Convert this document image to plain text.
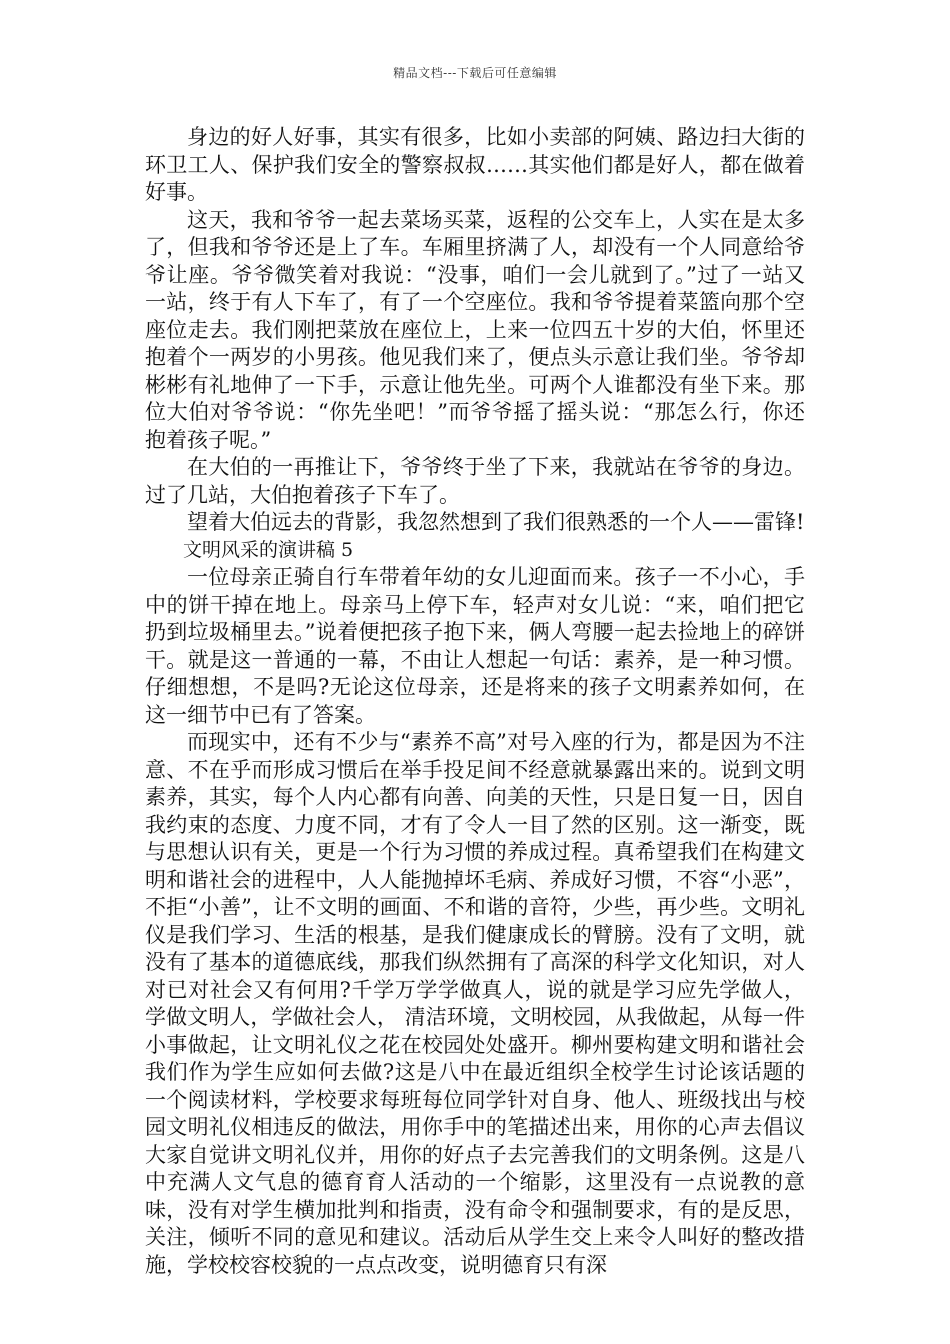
精品文档---下载后可任意编辑

身边的好人好事，其实有很多，比如小卖部的阿姨、路边扫大街的环卫工人、保护我们安全的警察叔叔……其实他们都是好人，都在做着好事。

这天，我和爷爷一起去菜场买菜，返程的公交车上，人实在是太多了，但我和爷爷还是上了车。车厢里挤满了人，却没有一个人同意给爷爷让座。爷爷微笑着对我说：“没事，咱们一会儿就到了。”过了一站又一站，终于有人下车了，有了一个空座位。我和爷爷提着菜篮向那个空座位走去。我们刚把菜放在座位上，上来一位四五十岁的大伯，怀里还抱着个一两岁的小男孩。他见我们来了，便点头示意让我们坐。爷爷却彬彬有礼地伸了一下手，示意让他先坐。可两个人谁都没有坐下来。那位大伯对爷爷说：“你先坐吧！”而爷爷摇了摇头说：“那怎么行，你还抱着孩子呢。”

在大伯的一再推让下，爷爷终于坐了下来，我就站在爷爷的身边。过了几站，大伯抱着孩子下车了。

望着大伯远去的背影，我忽然想到了我们很熟悉的一个人——雷锋!

文明风采的演讲稿 5

一位母亲正骑自行车带着年幼的女儿迎面而来。孩子一不小心，手中的饼干掉在地上。母亲马上停下车，轻声对女儿说：“来，咱们把它扔到垃圾桶里去。”说着便把孩子抱下来，俩人弯腰一起去捡地上的碎饼干。就是这一普通的一幕，不由让人想起一句话：素养，是一种习惯。仔细想想，不是吗?无论这位母亲，还是将来的孩子文明素养如何，在这一细节中已有了答案。

而现实中，还有不少与“素养不高”对号入座的行为，都是因为不注意、不在乎而形成习惯后在举手投足间不经意就暴露出来的。说到文明素养，其实，每个人内心都有向善、向美的天性，只是日复一日，因自我约束的态度、力度不同，才有了令人一目了然的区别。这一渐变，既与思想认识有关，更是一个行为习惯的养成过程。真希望我们在构建文明和谐社会的进程中，人人能抛掉坏毛病、养成好习惯，不容“小恶”，不拒“小善”，让不文明的画面、不和谐的音符，少些，再少些。文明礼仪是我们学习、生活的根基，是我们健康成长的臂膀。没有了文明，就没有了基本的道德底线，那我们纵然拥有了高深的科学文化知识，对人对已对社会又有何用?千学万学学做真人，说的就是学习应先学做人，学做文明人，学做社会人， 清洁环境，文明校园，从我做起，从每一件小事做起，让文明礼仪之花在校园处处盛开。柳州要构建文明和谐社会我们作为学生应如何去做?这是八中在最近组织全校学生讨论该话题的一个阅读材料，学校要求每班每位同学针对自身、他人、班级找出与校园文明礼仪相违反的做法，用你手中的笔描述出来，用你的心声去倡议大家自觉讲文明礼仪并，用你的好点子去完善我们的文明条例。这是八中充满人文气息的德育育人活动的一个缩影，这里没有一点说教的意味，没有对学生横加批判和指责，没有命令和强制要求，有的是反思，关注，倾听不同的意见和建议。活动后从学生交上来令人叫好的整改措施，学校校容校貌的一点点改变，说明德育只有深
